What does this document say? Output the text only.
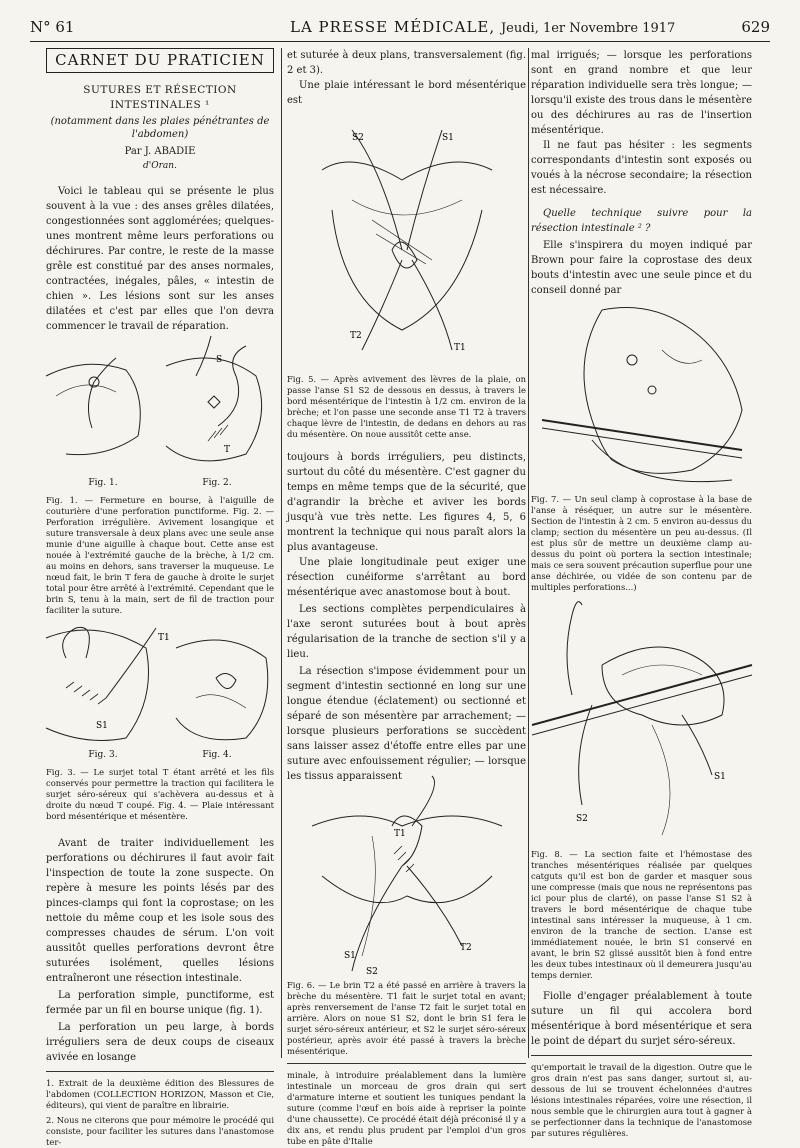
N° 61	LA PRESSE MÉDICALE, Jeudi, 1er Novembre 1917	629
CARNET DU PRATICIEN
SUTURES ET RÉSECTION INTESTINALES ¹
(notamment dans les plaies pénétrantes de l'abdomen)
Par J. ABADIE
d'Oran.

Voici le tableau qui se présente le plus souvent à la vue : des anses grêles dilatées, congestionnées sont agglomérées; quelques-unes montrent même leurs perforations ou déchirures. Par contre, le reste de la masse grêle est constitué par des anses normales, contractées, inégales, pâles, « intestin de chien ». Les lésions sont sur les anses dilatées et c'est par elles que l'on devra commencer le travail de réparation.

S
T
Fig. 1.	Fig. 2.
Fig. 1. — Fermeture en bourse, à l'aiguille de couturière d'une perforation punctiforme. Fig. 2. — Perforation irrégulière. Avivement losangique et suture transversale à deux plans avec une seule anse munie d'une aiguille à chaque bout. Cette anse est nouée à l'extrémité gauche de la brèche, à 1/2 cm. au moins en dehors, sans traverser la muqueuse. Le nœud fait, le brin T fera de gauche à droite le surjet total pour être arrêté à l'extrémité. Cependant que le brin S, tenu à la main, sert de fil de traction pour faciliter la suture.
T1
S1
Fig. 3.	Fig. 4.
Fig. 3. — Le surjet total T étant arrêté et les fils conservés pour permettre la traction qui facilitera le surjet séro-séreux qui s'achèvera au-dessus et à droite du nœud T coupé. Fig. 4. — Plaie intéressant bord mésentérique et mésentère.

Avant de traiter individuellement les perforations ou déchirures il faut avoir fait l'inspection de toute la zone suspecte. On repère à mesure les points lésés par des pinces-clamps qui font la coprostase; on les nettoie du même coup et les isole sous des compresses chaudes de sérum. L'on voit aussitôt quelles perforations devront être suturées isolément, quelles lésions entraîneront une résection intestinale.

La perforation simple, punctiforme, est fermée par un fil en bourse unique (fig. 1).

La perforation un peu large, à bords irréguliers sera de deux coups de ciseaux avivée en losange

1. Extrait de la deuxième édition des Blessures de l'abdomen (COLLECTION HORIZON, Masson et Cie, éditeurs), qui vient de paraître en librairie.
2. Nous ne citerons que pour mémoire le procédé qui consiste, pour faciliter les sutures dans l'anastomose ter-

et suturée à deux plans, transversalement (fig. 2 et 3).

Une plaie intéressant le bord mésentérique est

S2	S1
T2
T1
Fig. 5. — Après avivement des lèvres de la plaie, on passe l'anse S1 S2 de dessous en dessus, à travers le bord mésentérique de l'intestin à 1/2 cm. environ de la brèche; et l'on passe une seconde anse T1 T2 à travers chaque lèvre de l'intestin, de dedans en dehors au ras du mésentère. On noue aussitôt cette anse.

toujours à bords irréguliers, peu distincts, surtout du côté du mésentère. C'est gagner du temps en même temps que de la sécurité, que d'agrandir la brèche et aviver les bords jusqu'à vue très nette. Les figures 4, 5, 6 montrent la technique qui nous paraît alors la plus avantageuse.

Une plaie longitudinale peut exiger une résection cunéiforme s'arrêtant au bord mésentérique avec anastomose bout à bout.

Les sections complètes perpendiculaires à l'axe seront suturées bout à bout après régularisation de la tranche de section s'il y a lieu.

La résection s'impose évidemment pour un segment d'intestin sectionné en long sur une longue étendue (éclatement) ou sectionné et séparé de son mésentère par arrachement; — lorsque plusieurs perforations se succèdent sans laisser assez d'étoffe entre elles par une suture avec enfouissement régulier; — lorsque les tissus apparaissent

T1
S1
S2
T2
Fig. 6. — Le brin T2 a été passé en arrière à travers la brèche du mésentère. T1 fait le surjet total en avant; après renversement de l'anse T2 fait le surjet total en arrière. Alors on noue S1 S2, dont le brin S1 fera le surjet séro-séreux antérieur, et S2 le surjet séro-séreux postérieur, après avoir été passé à travers la brèche mésentérique.
minale, à introduire préalablement dans la lumière intestinale un morceau de gros drain qui sert d'armature interne et soutient les tuniques pendant la suture (comme l'œuf en bois aide à repriser la pointe d'une chaussette). Ce procédé était déjà préconisé il y a dix ans, et rendu plus prudent par l'emploi d'un gros tube en pâte d'Italie

mal irrigués; — lorsque les perforations sont en grand nombre et que leur réparation individuelle sera très longue; — lorsqu'il existe des trous dans le mésentère ou des déchirures au ras de l'insertion mésentérique.

Il ne faut pas hésiter : les segments correspondants d'intestin sont exposés ou voués à la nécrose secondaire; la résection est nécessaire.

Quelle technique suivre pour la résection intestinale ² ?

Elle s'inspirera du moyen indiqué par Brown pour faire la coprostase des deux bouts d'intestin avec une seule pince et du conseil donné par

Fig. 7. — Un seul clamp à coprostase à la base de l'anse à réséquer, un autre sur le mésentère. Section de l'intestin à 2 cm. 5 environ au-dessus du clamp; section du mésentère un peu au-dessus. (Il est plus sûr de mettre un deuxième clamp au-dessus du point où portera la section intestinale; mais ce sera souvent précaution superflue pour une anse déchirée, ou vidée de son contenu par de multiples perforations...)
S1
S2
Fig. 8. — La section faite et l'hémostase des tranches mésentériques réalisée par quelques catguts qu'il est bon de garder et masquer sous une compresse (mais que nous ne représentons pas ici pour plus de clarté), on passe l'anse S1 S2 à travers le bord mésentérique de chaque tube intestinal sans intéresser la muqueuse, à 1 cm. environ de la tranche de section. L'anse est immédiatement nouée, le brin S1 conservé en avant, le brin S2 glissé aussitôt bien à fond entre les deux tubes intestinaux où il demeurera jusqu'au temps dernier.

Fiolle d'engager préalablement à toute suture un fil qui accolera bord mésentérique à bord mésentérique et sera le point de départ du surjet séro-séreux.

qu'emportait le travail de la digestion. Outre que le gros drain n'est pas sans danger, surtout si, au-dessous de lui se trouvent échelonnées d'autres lésions intestinales réparées, voire une résection, il nous semble que le chirurgien aura tout à gagner à se perfectionner dans la technique de l'anastomose par sutures régulières.
